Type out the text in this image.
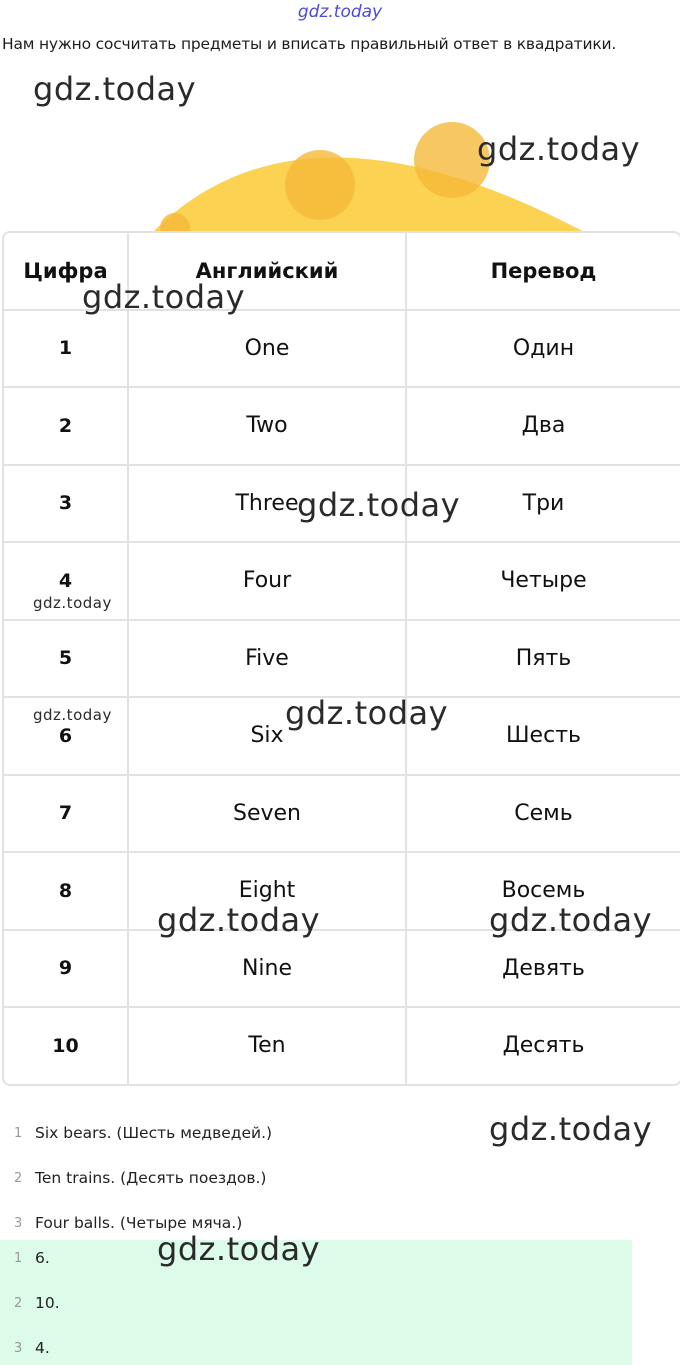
gdz.today
Нам нужно сосчитать предметы и вписать правильный ответ в квадратики.
Цифра	Английский	Перевод
1	One	Один
2	Two	Два
3	Three	Три
4	Four	Четыре
5	Five	Пять
6	Six	Шесть
7	Seven	Семь
8	Eight	Восемь
9	Nine	Девять
10	Ten	Десять
1 Six bears. (Шесть медведей.)
2 Ten trains. (Десять поездов.)
3 Four balls. (Четыре мяча.)
1 6.
2 10.
3 4.
gdz.today
gdz.today
gdz.today
gdz.today
gdz.today
gdz.today	gdz.today
gdz.today	gdz.today
gdz.today
gdz.today
